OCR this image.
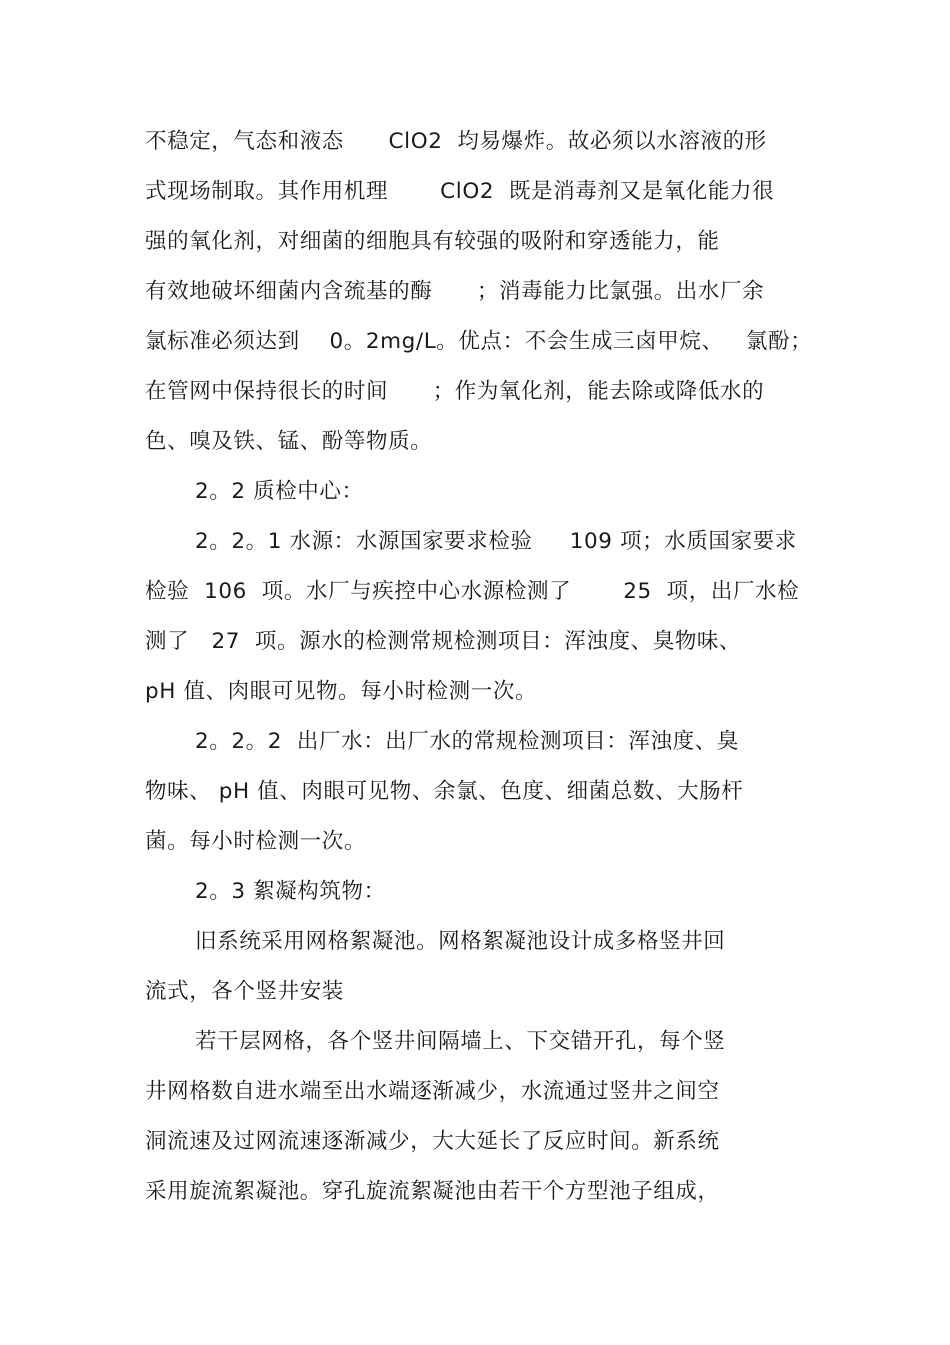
不稳定，气态和液态      ClO2  均易爆炸。故必须以水溶液的形
式现场制取。其作用机理       ClO2  既是消毒剂又是氧化能力很
强的氧化剂，对细菌的细胞具有较强的吸附和穿透能力，能
有效地破坏细菌内含巯基的酶      ；消毒能力比氯强。出水厂余
氯标准必须达到    0。2mg/L。优点：不会生成三卤甲烷、   氯酚；
在管网中保持很长的时间      ；作为氧化剂，能去除或降低水的
色、嗅及铁、锰、酚等物质。
2。2 质检中心：
2。2。1 水源：水源国家要求检验     109 项；水质国家要求
检验  106  项。水厂与疾控中心水源检测了       25  项，出厂水检
测了   27  项。源水的检测常规检测项目：浑浊度、臭物味、
pH 值、肉眼可见物。每小时检测一次。
2。2。2  出厂水：出厂水的常规检测项目：浑浊度、臭
物味、 pH 值、肉眼可见物、余氯、色度、细菌总数、大肠杆
菌。每小时检测一次。
2。3 絮凝构筑物：
旧系统采用网格絮凝池。网格絮凝池设计成多格竖井回
流式，各个竖井安装
若干层网格，各个竖井间隔墙上、下交错开孔，每个竖
井网格数自进水端至出水端逐渐减少，水流通过竖井之间空
洞流速及过网流速逐渐减少，大大延长了反应时间。新系统
采用旋流絮凝池。穿孔旋流絮凝池由若干个方型池子组成，
